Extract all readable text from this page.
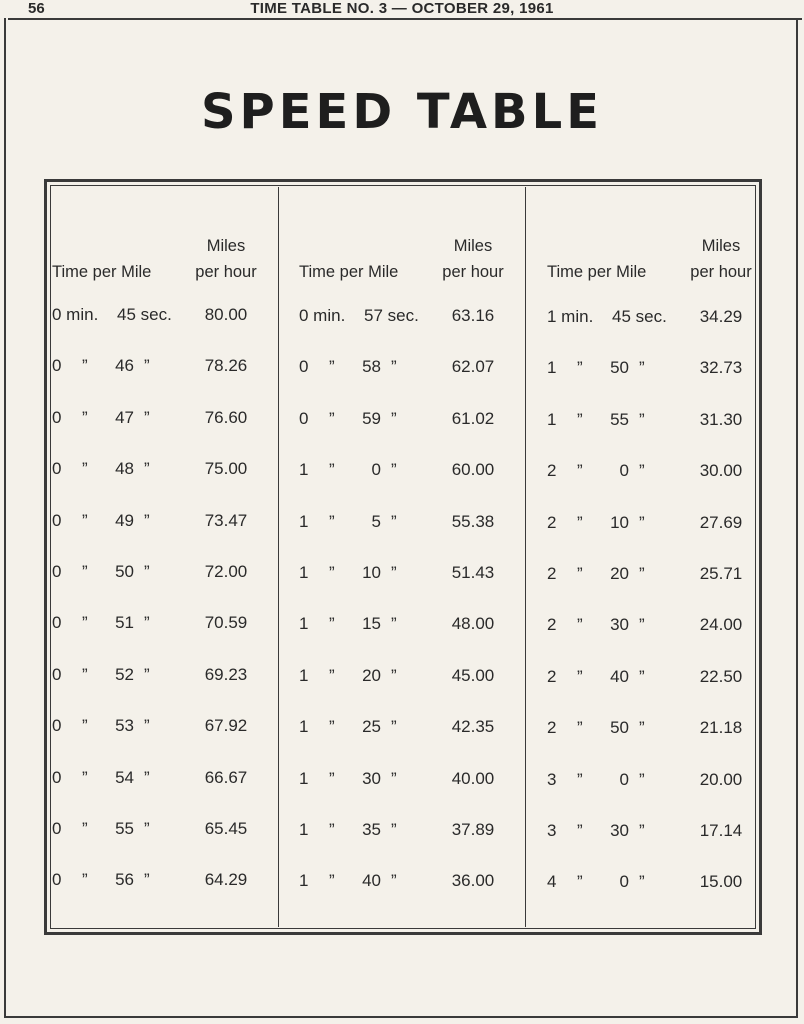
56	TIME TABLE NO. 3 — OCTOBER 29, 1961
SPEED TABLE
Time per Mile
Miles
per hour
0 min. 45 sec.	80.00
0 ”	46 ”	78.26
0 ”	47 ”	76.60
0 ”	48 ”	75.00
0 ”	49 ”	73.47
0 ”	50 ”	72.00
0 ”	51 ”	70.59
0 ”	52 ”	69.23
0 ”	53 ”	67.92
0 ”	54 ”	66.67
0 ”	55 ”	65.45
0 ”	56 ”	64.29
Time per Mile
Miles
per hour
0 min. 57 sec.	63.16
0 ”	58 ”	62.07
0 ”	59 ”	61.02
1 ”	0 ”	60.00
1 ”	5 ”	55.38
1 ”	10 ”	51.43
1 ”	15 ”	48.00
1 ”	20 ”	45.00
1 ”	25 ”	42.35
1 ”	30 ”	40.00
1 ”	35 ”	37.89
1 ”	40 ”	36.00
Time per Mile
Miles
per hour
1 min. 45 sec.	34.29
1 ”	50 ”	32.73
1 ”	55 ”	31.30
2 ”	0 ”	30.00
2 ”	10 ”	27.69
2 ”	20 ”	25.71
2 ”	30 ”	24.00
2 ”	40 ”	22.50
2 ”	50 ”	21.18
3 ”	0 ”	20.00
3 ”	30 ”	17.14
4 ”	0 ”	15.00
